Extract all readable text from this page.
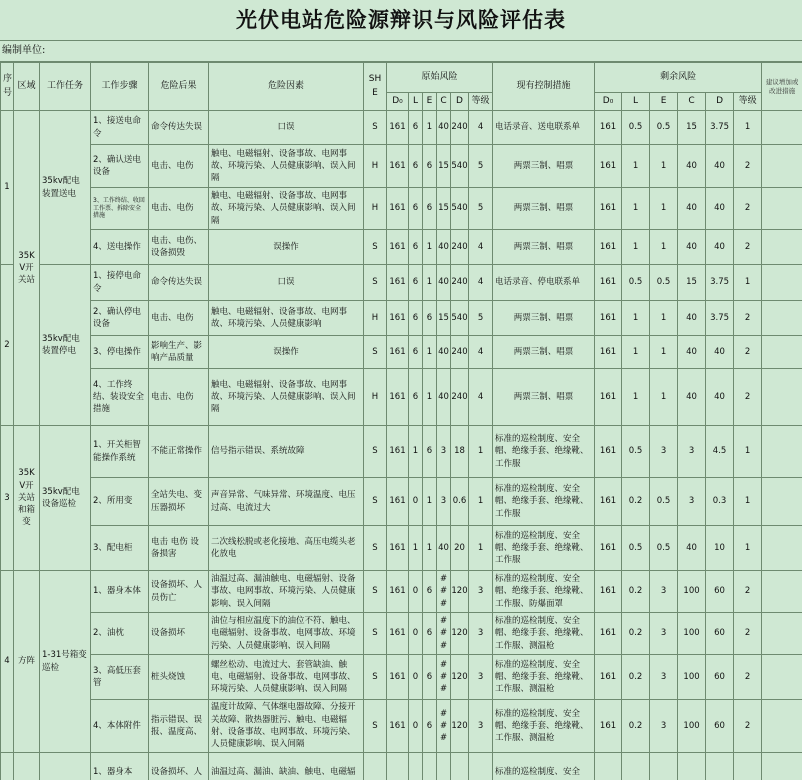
光伏电站危险源辩识与风险评估表
编制单位:
序号	区域	工作任务	工作步骤	危险后果	危险因素	SHE	原始风险						现有控制措施	剩余风险						建议增加或改进措施
							D₀	L	E	C	D	等级		D₀	L	E	C	D	等级	
1	35KV开关站	35kv配电装置送电	1、接送电命令	命令传达失误	口误	S	161	6	1	40	240	4	电话录音、送电联系单	161	0.5	0.5	15	3.75	1	
			2、确认送电设备	电击、电伤	触电、电磁辐射、设备事故、电网事故、环境污染、人员健康影响、误入间隔	H	161	6	6	15	540	5	两票三制、唱票	161	1	1	40	40	2	
			3、工作终结、收回工作票、拆除安全措施	电击、电伤	触电、电磁辐射、设备事故、电网事故、环境污染、人员健康影响、误入间隔	H	161	6	6	15	540	5	两票三制、唱票	161	1	1	40	40	2	
			4、送电操作	电击、电伤、设备损毁	误操作	S	161	6	1	40	240	4	两票三制、唱票	161	1	1	40	40	2	
2		35kv配电装置停电	1、接停电命令	命令传达失误	口误	S	161	6	1	40	240	4	电话录音、停电联系单	161	0.5	0.5	15	3.75	1	
			2、确认停电设备	电击、电伤	触电、电磁辐射、设备事故、电网事故、环境污染、人员健康影响	H	161	6	6	15	540	5	两票三制、唱票	161	1	1	40	3.75	2	
			3、停电操作	影响生产、影响产品质量	误操作	S	161	6	1	40	240	4	两票三制、唱票	161	1	1	40	40	2	
			4、工作终结、装设安全措施	电击、电伤	触电、电磁辐射、设备事故、电网事故、环境污染、人员健康影响、误入间隔	H	161	6	1	40	240	4	两票三制、唱票	161	1	1	40	40	2	
3	35KV开关站和箱变	35kv配电设备巡检	1、开关柜智能操作系统	不能正常操作	信号指示错误、系统故障	S	161	1	6	3	18	1	标准的巡检制度、安全帽、绝缘手套、绝缘靴、工作服	161	0.5	3	3	4.5	1	
			2、所用变	全站失电、变压器损坏	声音异常、气味异常、环境温度、电压过高、电流过大	S	161	0	1	3	0.6	1	标准的巡检制度、安全帽、绝缘手套、绝缘靴、工作服	161	0.2	0.5	3	0.3	1	
			3、配电柜	电击 电伤 设备损害	二次线松脱或老化接地、高压电缆头老化放电	S	161	1	1	40	20	1	标准的巡检制度、安全帽、绝缘手套、绝缘靴、工作服	161	0.5	0.5	40	10	1	
4	方阵	1-31号箱变巡检	1、器身本体	设备损坏、人员伤亡	油温过高、漏油触电、电磁辐射、设备事故、电网事故、环境污染、人员健康影响、误入间隔	S	161	0	6	###	120	3	标准的巡检制度、安全帽、绝缘手套、绝缘靴、工作服、防爆面罩	161	0.2	3	100	60	2	
			2、油枕	设备损坏	油位与相应温度下的油位不符、触电、电磁辐射、设备事故、电网事故、环境污染、人员健康影响、误入间隔	S	161	0	6	###	120	3	标准的巡检制度、安全帽、绝缘手套、绝缘靴、工作服、测温枪	161	0.2	3	100	60	2	
			3、高低压套管	桩头烧蚀	螺丝松动、电流过大、套管缺油、触电、电磁辐射、设备事故、电网事故、环境污染、人员健康影响、误入间隔	S	161	0	6	###	120	3	标准的巡检制度、安全帽、绝缘手套、绝缘靴、工作服、测温枪	161	0.2	3	100	60	2	
			4、本体附件	指示错误、误报、温度高、	温度计故障、气体继电器故障、分接开关故障、散热器脏污、触电、电磁辐射、设备事故、电网事故、环境污染、人员健康影响、误入间隔	S	161	0	6	###	120	3	标准的巡检制度、安全帽、绝缘手套、绝缘靴、工作服、测温枪	161	0.2	3	100	60	2	
			1、器身本	设备损坏、人	油温过高、漏油、缺油、触电、电磁辐								标准的巡检制度、安全							
